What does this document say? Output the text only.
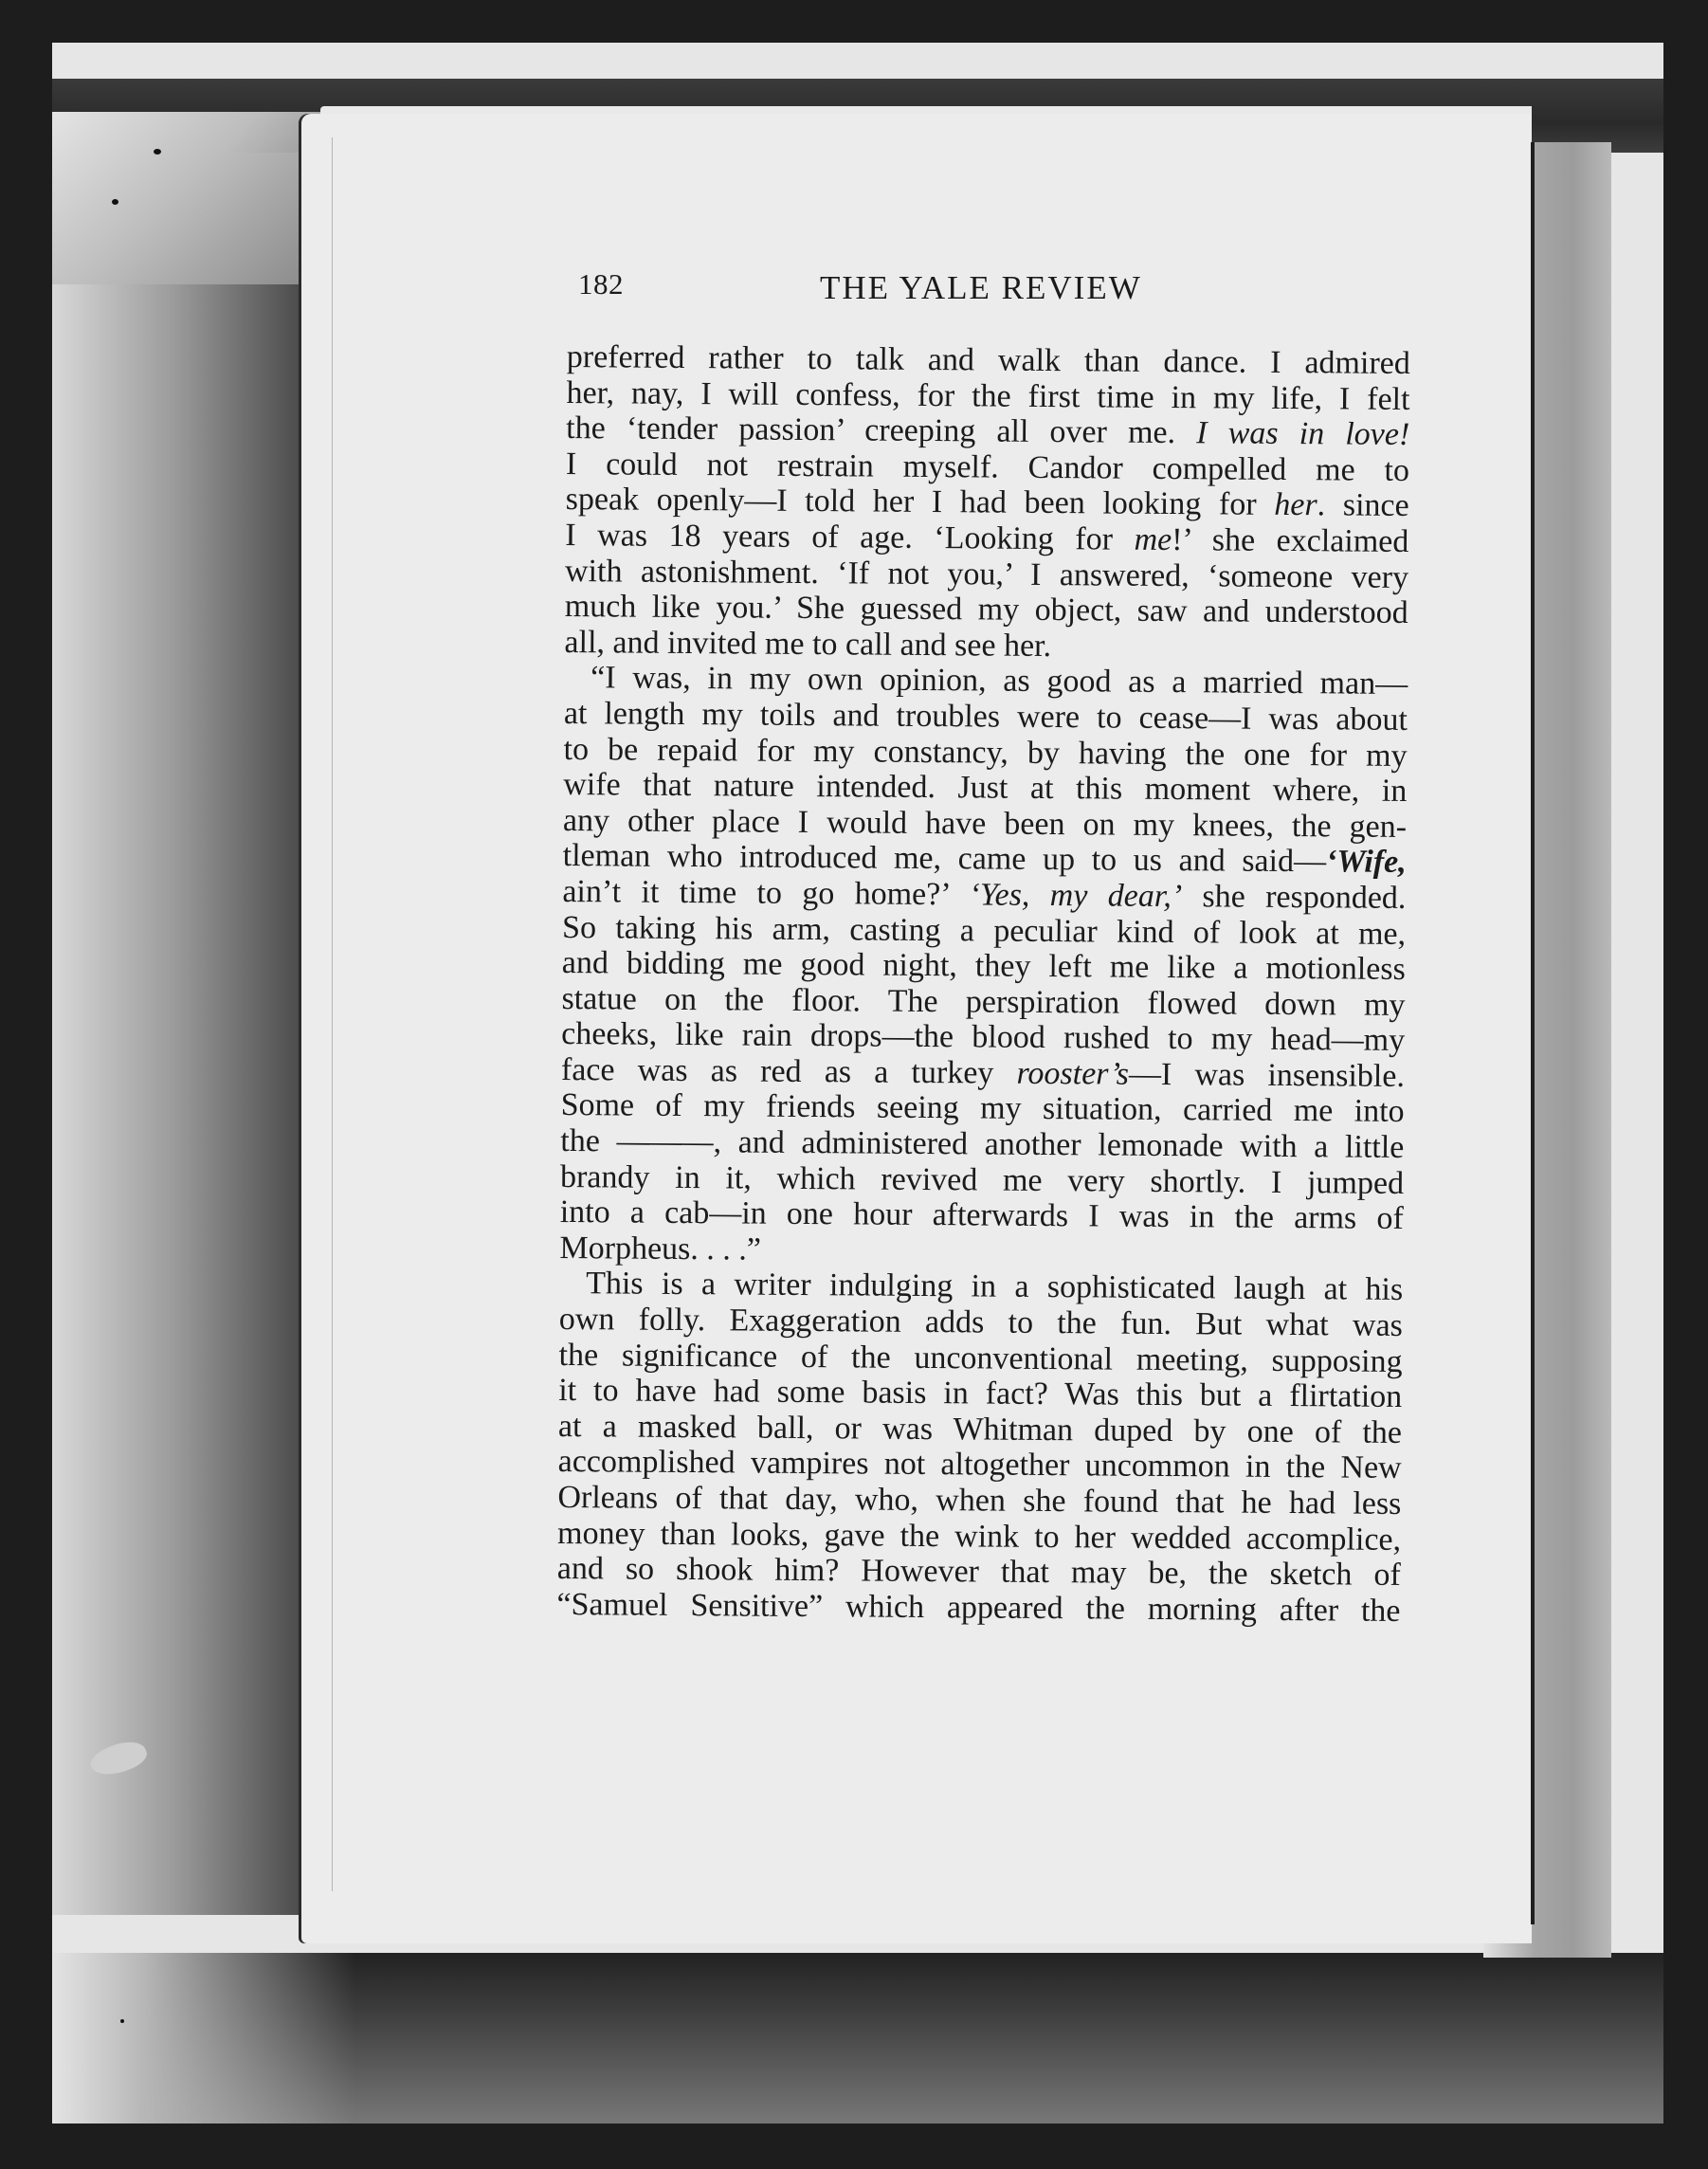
182	THE YALE REVIEW
preferred rather to talk and walk than dance. I admired
her, nay, I will confess, for the first time in my life, I felt
the ‘tender passion’ creeping all over me. I was in love!
I could not restrain myself. Candor compelled me to
speak openly—I told her I had been looking for her. since
I was 18 years of age. ‘Looking for me!’ she exclaimed
with astonishment. ‘If not you,’ I answered, ‘someone very
much like you.’ She guessed my object, saw and understood
all, and invited me to call and see her.
“I was, in my own opinion, as good as a married man—
at length my toils and troubles were to cease—I was about
to be repaid for my constancy, by having the one for my
wife that nature intended. Just at this moment where, in
any other place I would have been on my knees, the gen-
tleman who introduced me, came up to us and said—‘Wife,
ain’t it time to go home?’ ‘Yes, my dear,’ she responded.
So taking his arm, casting a peculiar kind of look at me,
and bidding me good night, they left me like a motionless
statue on the floor. The perspiration flowed down my
cheeks, like rain drops—the blood rushed to my head—my
face was as red as a turkey rooster’s—I was insensible.
Some of my friends seeing my situation, carried me into
the ———, and administered another lemonade with a little
brandy in it, which revived me very shortly. I jumped
into a cab—in one hour afterwards I was in the arms of
Morpheus. . . .”
This is a writer indulging in a sophisticated laugh at his
own folly. Exaggeration adds to the fun. But what was
the significance of the unconventional meeting, supposing
it to have had some basis in fact? Was this but a flirtation
at a masked ball, or was Whitman duped by one of the
accomplished vampires not altogether uncommon in the New
Orleans of that day, who, when she found that he had less
money than looks, gave the wink to her wedded accomplice,
and so shook him? However that may be, the sketch of
“Samuel Sensitive” which appeared the morning after the
